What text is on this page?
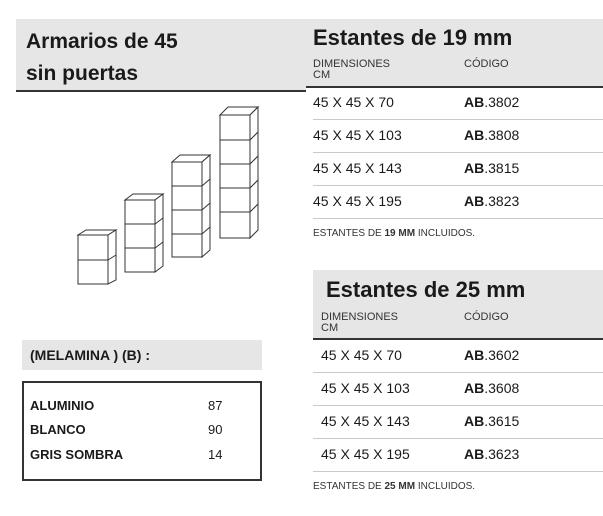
Armarios de 45
sin puertas
(MELAMINA ) (B) :
ALUMINIO	87
BLANCO	90
GRIS SOMBRA	14
Estantes de 19 mm
DIMENSIONES
CM
CÓDIGO
45 X 45 X 70	AB.3802
45 X 45 X 103	AB.3808
45 X 45 X 143	AB.3815
45 X 45 X 195	AB.3823
ESTANTES DE 19 MM INCLUIDOS.
Estantes de 25 mm
DIMENSIONES
CM
CÓDIGO
45 X 45 X 70	AB.3602
45 X 45 X 103	AB.3608
45 X 45 X 143	AB.3615
45 X 45 X 195	AB.3623
ESTANTES DE 25 MM INCLUIDOS.
